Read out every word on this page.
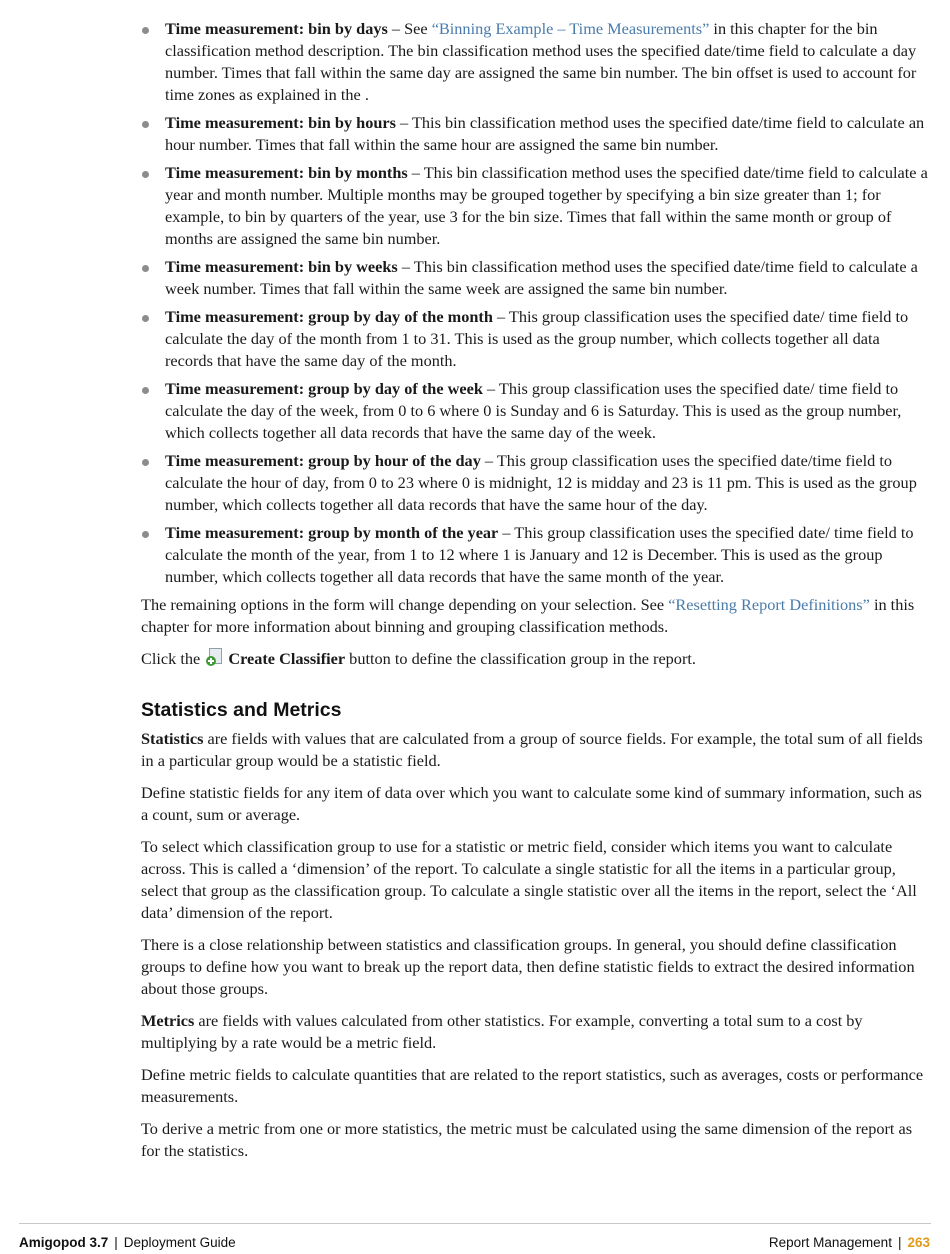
Time measurement: bin by days – See “Binning Example – Time Measurements” in this chapter for the bin classification method description. The bin classification method uses the specified date/time field to calculate a day number. Times that fall within the same day are assigned the same bin number. The bin offset is used to account for time zones as explained in the .
Time measurement: bin by hours – This bin classification method uses the specified date/time field to calculate an hour number. Times that fall within the same hour are assigned the same bin number.
Time measurement: bin by months – This bin classification method uses the specified date/time field to calculate a year and month number. Multiple months may be grouped together by specifying a bin size greater than 1; for example, to bin by quarters of the year, use 3 for the bin size. Times that fall within the same month or group of months are assigned the same bin number.
Time measurement: bin by weeks – This bin classification method uses the specified date/time field to calculate a week number. Times that fall within the same week are assigned the same bin number.
Time measurement: group by day of the month – This group classification uses the specified date/ time field to calculate the day of the month from 1 to 31. This is used as the group number, which collects together all data records that have the same day of the month.
Time measurement: group by day of the week – This group classification uses the specified date/ time field to calculate the day of the week, from 0 to 6 where 0 is Sunday and 6 is Saturday. This is used as the group number, which collects together all data records that have the same day of the week.
Time measurement: group by hour of the day – This group classification uses the specified date/time field to calculate the hour of day, from 0 to 23 where 0 is midnight, 12 is midday and 23 is 11 pm. This is used as the group number, which collects together all data records that have the same hour of the day.
Time measurement: group by month of the year – This group classification uses the specified date/ time field to calculate the month of the year, from 1 to 12 where 1 is January and 12 is December. This is used as the group number, which collects together all data records that have the same month of the year.

The remaining options in the form will change depending on your selection. See “Resetting Report Definitions” in this chapter for more information about binning and grouping classification methods.

Click the
Create Classifier button to define the classification group in the report.

Statistics and Metrics

Statistics are fields with values that are calculated from a group of source fields. For example, the total sum of all fields in a particular group would be a statistic field.

Define statistic fields for any item of data over which you want to calculate some kind of summary information, such as a count, sum or average.

To select which classification group to use for a statistic or metric field, consider which items you want to calculate across. This is called a ‘dimension’ of the report. To calculate a single statistic for all the items in a particular group, select that group as the classification group. To calculate a single statistic over all the items in the report, select the ‘All data’ dimension of the report.

There is a close relationship between statistics and classification groups. In general, you should define classification groups to define how you want to break up the report data, then define statistic fields to extract the desired information about those groups.

Metrics are fields with values calculated from other statistics. For example, converting a total sum to a cost by multiplying by a rate would be a metric field.

Define metric fields to calculate quantities that are related to the report statistics, such as averages, costs or performance measurements.

To derive a metric from one or more statistics, the metric must be calculated using the same dimension of the report as for the statistics.

Amigopod 3.7 | Deployment Guide	Report Management | 263
